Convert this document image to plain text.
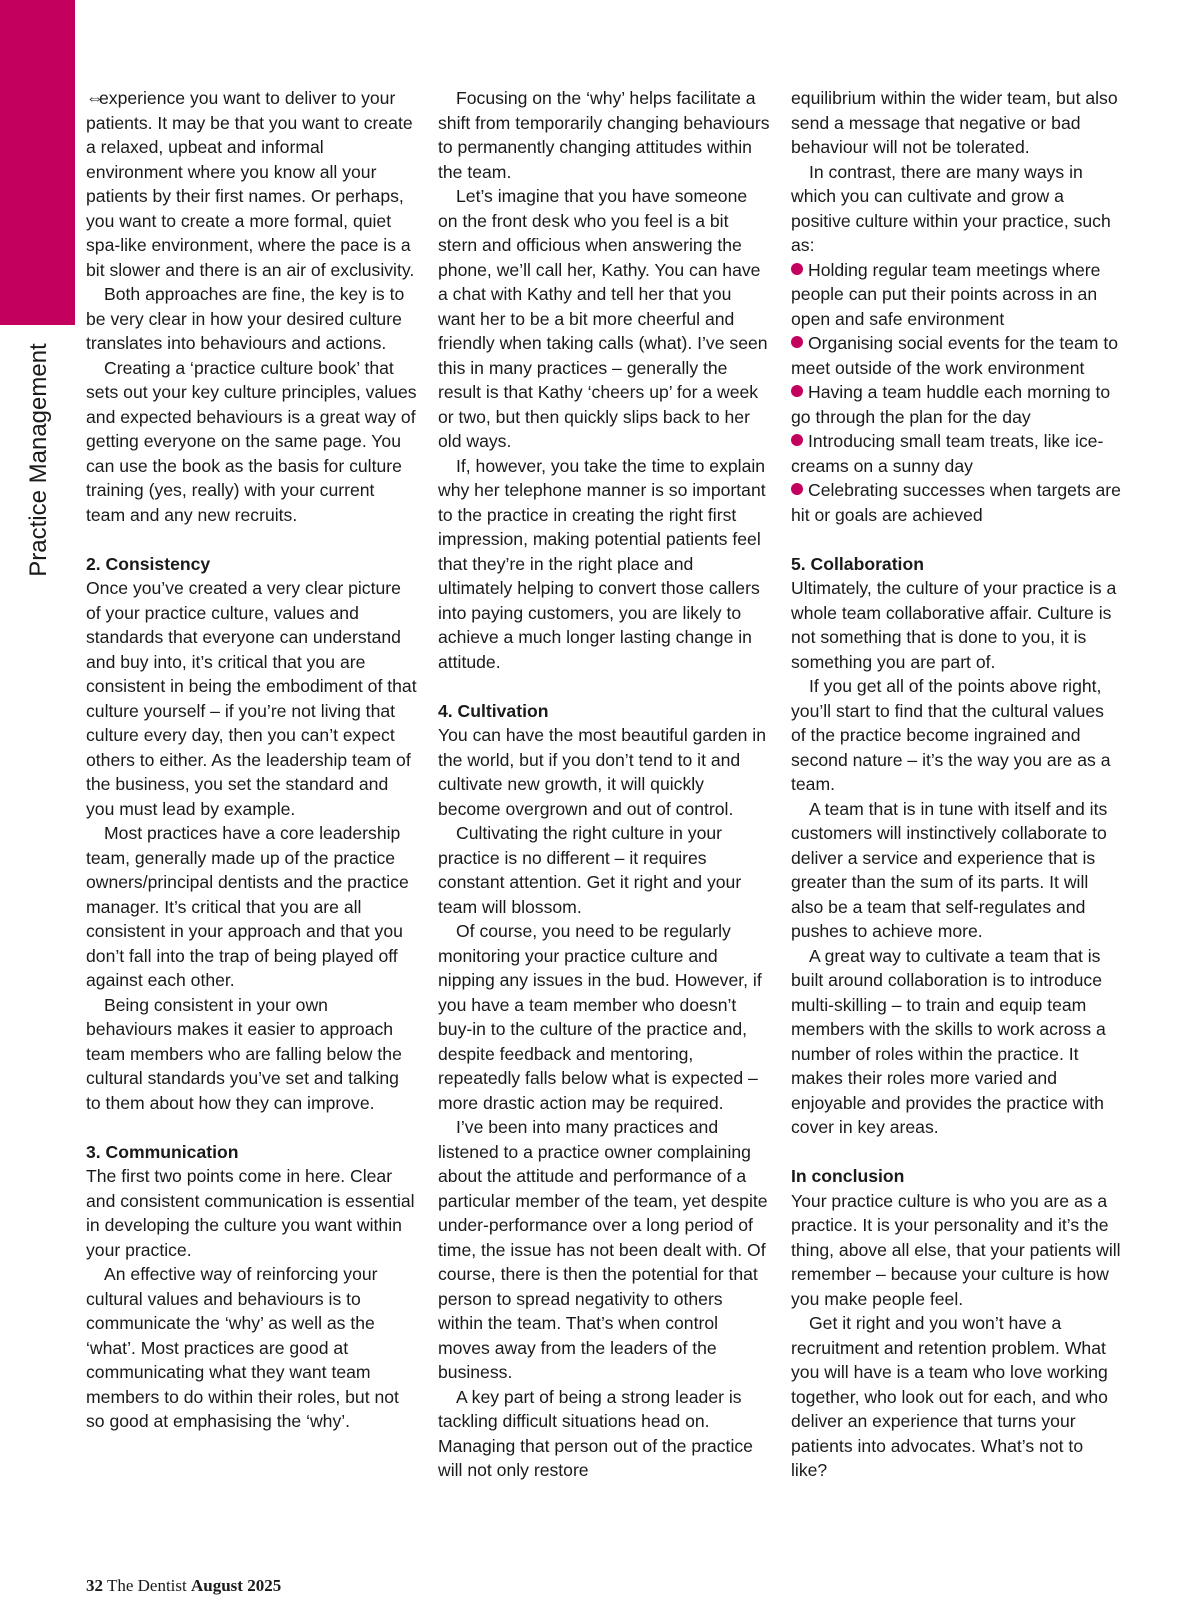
Practice Management

⇔experience you want to deliver to your patients. It may be that you want to create a relaxed, upbeat and informal environment where you know all your patients by their first names. Or perhaps, you want to create a more formal, quiet spa-like environment, where the pace is a bit slower and there is an air of exclusivity.

Both approaches are fine, the key is to be very clear in how your desired culture translates into behaviours and actions.

Creating a ‘practice culture book’ that sets out your key culture principles, values and expected behaviours is a great way of getting everyone on the same page. You can use the book as the basis for culture training (yes, really) with your current team and any new recruits.

2. Consistency

Once you’ve created a very clear picture of your practice culture, values and standards that everyone can understand and buy into, it’s critical that you are consistent in being the embodiment of that culture yourself – if you’re not living that culture every day, then you can’t expect others to either. As the leadership team of the business, you set the standard and you must lead by example.

Most practices have a core leadership team, generally made up of the practice owners/principal dentists and the practice manager. It’s critical that you are all consistent in your approach and that you don’t fall into the trap of being played off against each other.

Being consistent in your own behaviours makes it easier to approach team members who are falling below the cultural standards you’ve set and talking to them about how they can improve.

3. Communication

The first two points come in here. Clear and consistent communication is essential in developing the culture you want within your practice.

An effective way of reinforcing your cultural values and behaviours is to communicate the ‘why’ as well as the ‘what’. Most practices are good at communicating what they want team members to do within their roles, but not so good at emphasising the ‘why’.

Focusing on the ‘why’ helps facilitate a shift from temporarily changing behaviours to permanently changing attitudes within the team.

Let’s imagine that you have someone on the front desk who you feel is a bit stern and officious when answering the phone, we’ll call her, Kathy. You can have a chat with Kathy and tell her that you want her to be a bit more cheerful and friendly when taking calls (what). I’ve seen this in many practices – generally the result is that Kathy ‘cheers up’ for a week or two, but then quickly slips back to her old ways.

If, however, you take the time to explain why her telephone manner is so important to the practice in creating the right first impression, making potential patients feel that they’re in the right place and ultimately helping to convert those callers into paying customers, you are likely to achieve a much longer lasting change in attitude.

4. Cultivation

You can have the most beautiful garden in the world, but if you don’t tend to it and cultivate new growth, it will quickly become overgrown and out of control.

Cultivating the right culture in your practice is no different – it requires constant attention. Get it right and your team will blossom.

Of course, you need to be regularly monitoring your practice culture and nipping any issues in the bud. However, if you have a team member who doesn’t buy-in to the culture of the practice and, despite feedback and mentoring, repeatedly falls below what is expected – more drastic action may be required.

I’ve been into many practices and listened to a practice owner complaining about the attitude and performance of a particular member of the team, yet despite under-performance over a long period of time, the issue has not been dealt with. Of course, there is then the potential for that person to spread negativity to others within the team. That’s when control moves away from the leaders of the business.

A key part of being a strong leader is tackling difficult situations head on. Managing that person out of the practice will not only restore

equilibrium within the wider team, but also send a message that negative or bad behaviour will not be tolerated.

In contrast, there are many ways in which you can cultivate and grow a positive culture within your practice, such as:

Holding regular team meetings where people can put their points across in an open and safe environment

Organising social events for the team to meet outside of the work environment

Having a team huddle each morning to go through the plan for the day

Introducing small team treats, like ice-creams on a sunny day

Celebrating successes when targets are hit or goals are achieved

5. Collaboration

Ultimately, the culture of your practice is a whole team collaborative affair. Culture is not something that is done to you, it is something you are part of.

If you get all of the points above right, you’ll start to find that the cultural values of the practice become ingrained and second nature – it’s the way you are as a team.

A team that is in tune with itself and its customers will instinctively collaborate to deliver a service and experience that is greater than the sum of its parts. It will also be a team that self-regulates and pushes to achieve more.

A great way to cultivate a team that is built around collaboration is to introduce multi-skilling – to train and equip team members with the skills to work across a number of roles within the practice. It makes their roles more varied and enjoyable and provides the practice with cover in key areas.

In conclusion

Your practice culture is who you are as a practice. It is your personality and it’s the thing, above all else, that your patients will remember – because your culture is how you make people feel.

Get it right and you won’t have a recruitment and retention problem. What you will have is a team who love working together, who look out for each, and who deliver an experience that turns your patients into advocates. What’s not to like?

32 The Dentist August 2025
